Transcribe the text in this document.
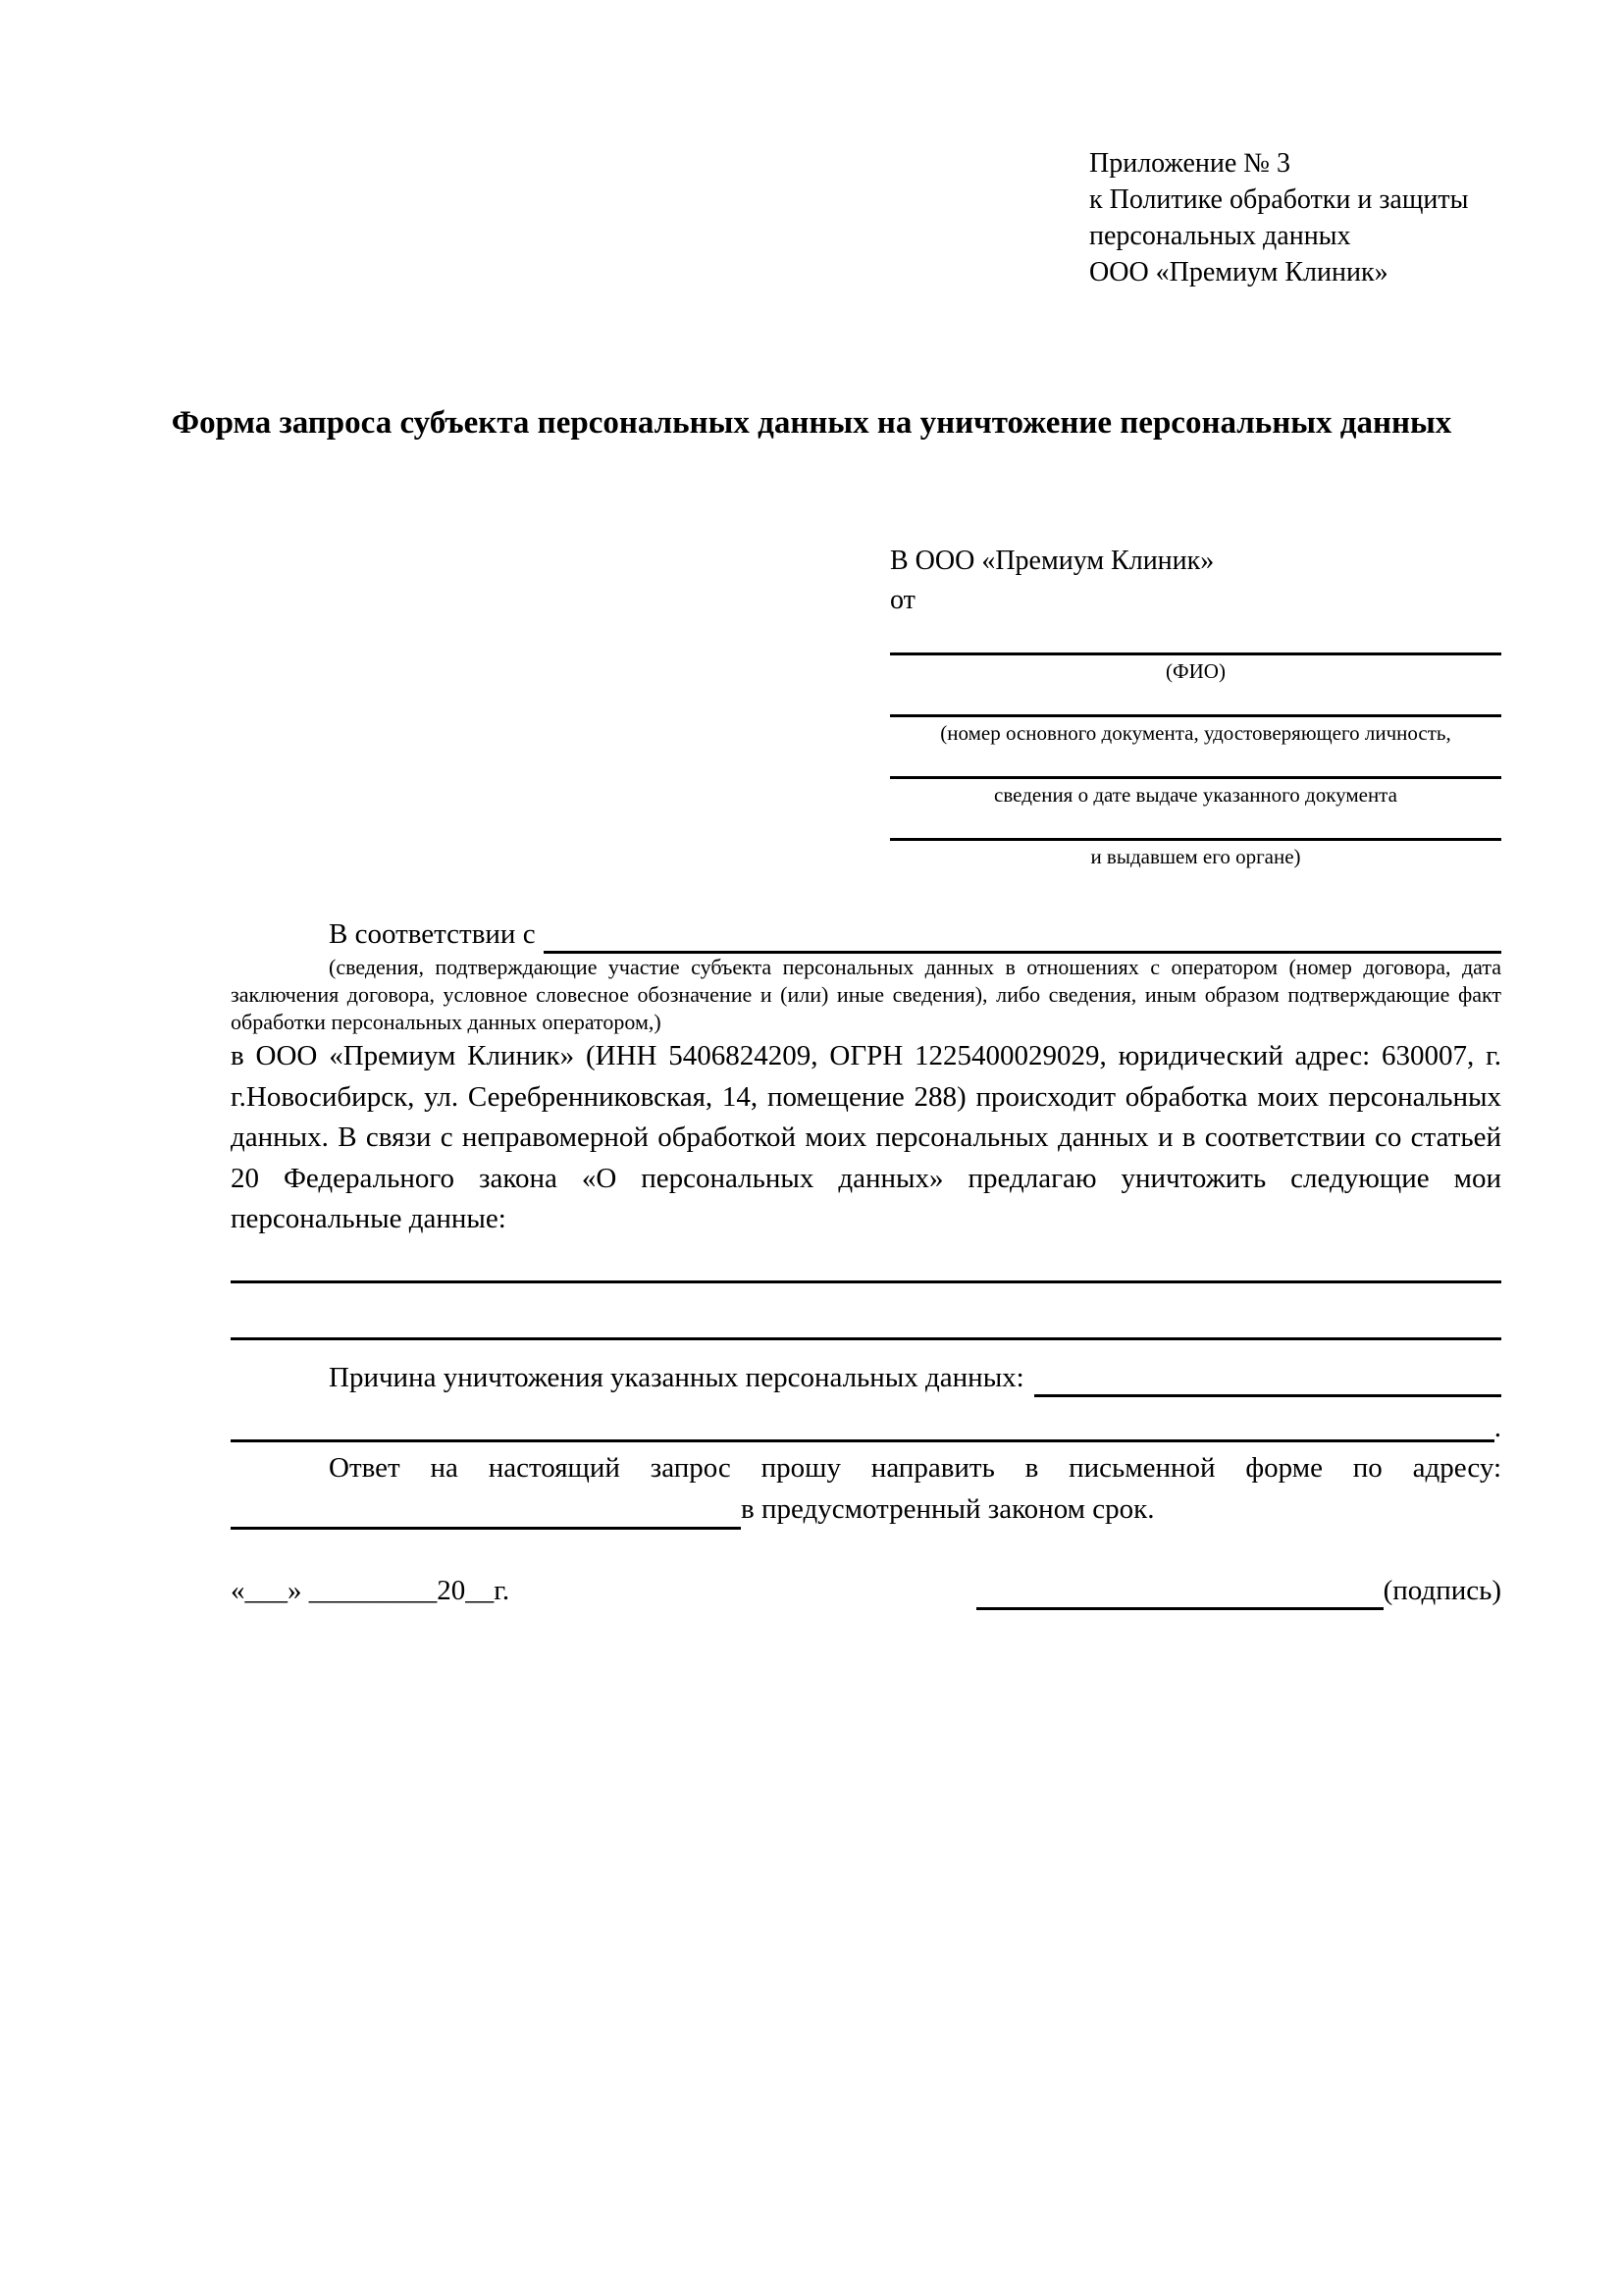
Приложение № 3
к Политике обработки и защиты
персональных данных
ООО «Премиум Клиник»
Форма запроса субъекта персональных данных на уничтожение персональных данных
В ООО «Премиум Клиник»
от
(ФИО)
(номер основного документа, удостоверяющего личность,
сведения о дате выдаче указанного документа
и выдавшем его органе)
В соответствии с

(сведения, подтверждающие участие субъекта персональных данных в отношениях с оператором (номер договора, дата заключения договора, условное словесное обозначение и (или) иные сведения), либо сведения, иным образом подтверждающие факт обработки персональных данных оператором,)

в ООО «Премиум Клиник» (ИНН 5406824209, ОГРН 1225400029029, юридический адрес: 630007, г. г.Новосибирск, ул. Серебренниковская, 14, помещение 288) происходит обработка моих персональных данных. В связи с неправомерной обработкой моих персональных данных и в соответствии со статьей 20 Федерального закона «О персональных данных» предлагаю уничтожить следующие мои персональные данные:

Причина уничтожения указанных персональных данных:
.

Ответ на настоящий запрос прошу направить в письменной форме по адресу:

в предусмотренный законом срок.
«___» _________20__г.	(подпись)
